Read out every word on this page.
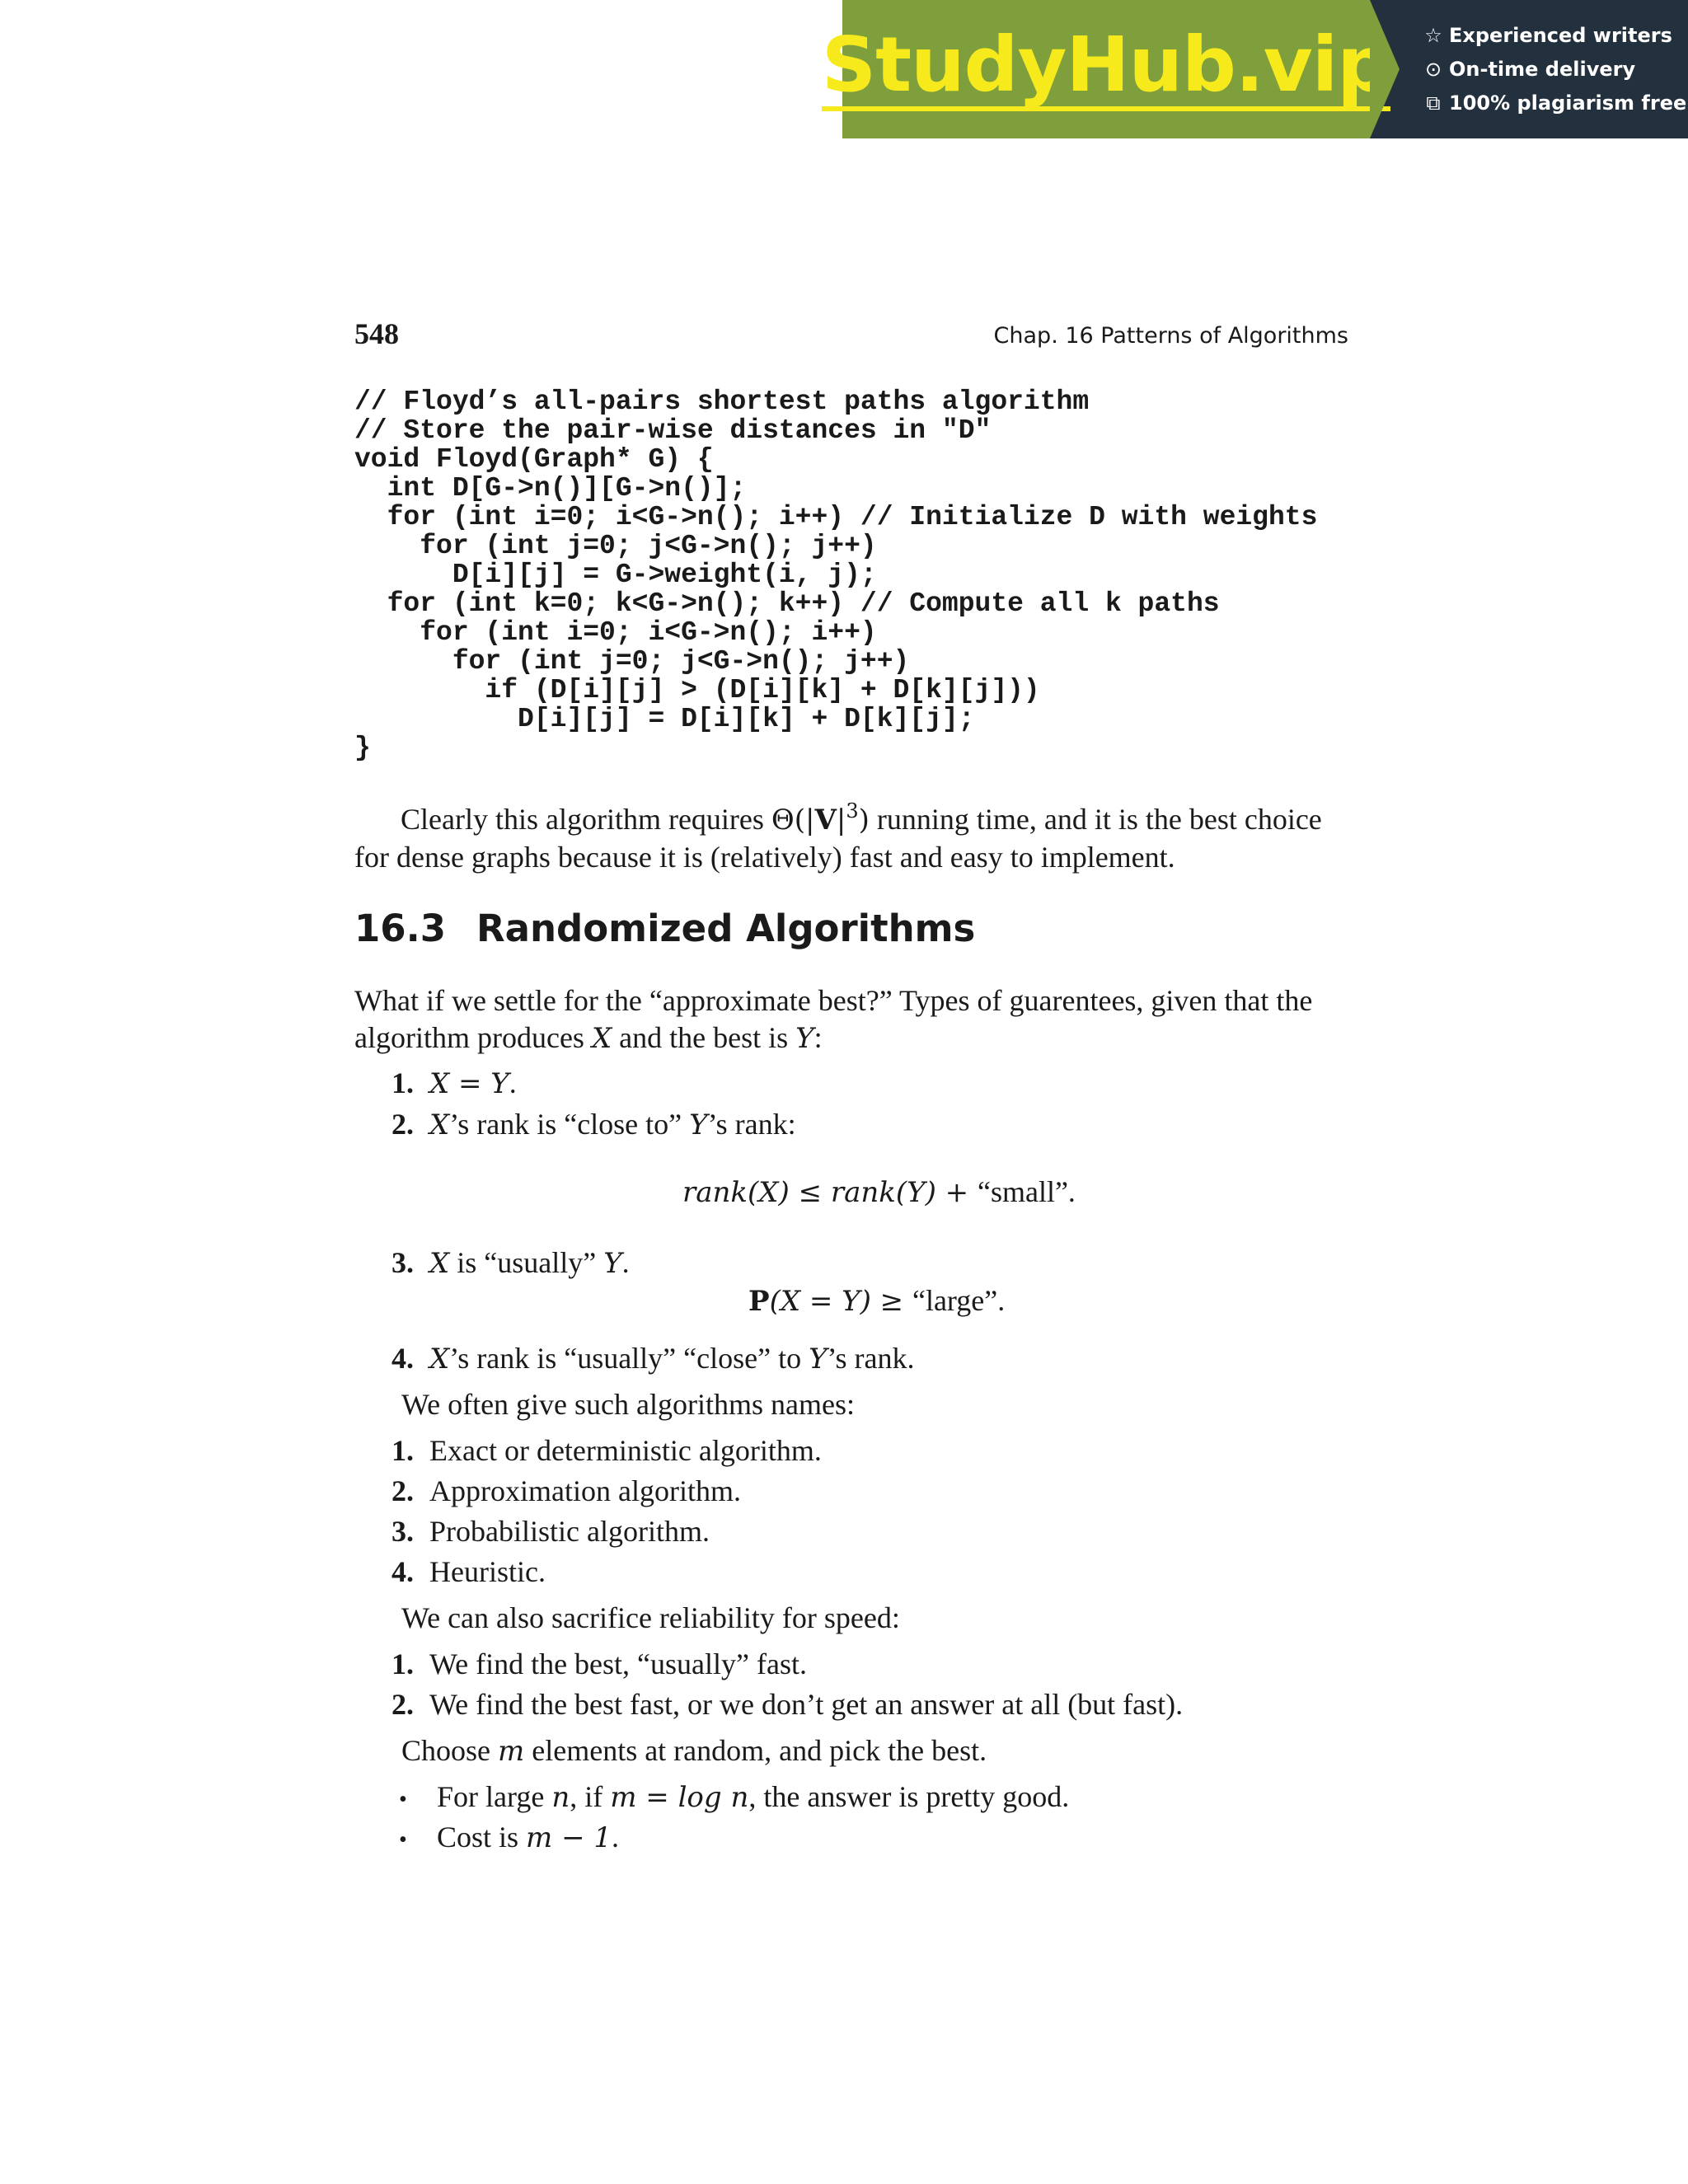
StudyHub.vip ☆ Experienced writers
⊙ On-time delivery
⧉ 100% plagiarism free
548	Chap. 16 Patterns of Algorithms
// Floyd’s all-pairs shortest paths algorithm
// Store the pair-wise distances in "D"
void Floyd(Graph* G) {
int D[G->n()][G->n()];
for (int i=0; i<G->n(); i++) // Initialize D with weights
for (int j=0; j<G->n(); j++)
D[i][j] = G->weight(i, j);
for (int k=0; k<G->n(); k++) // Compute all k paths
for (int i=0; i<G->n(); i++)
for (int j=0; j<G->n(); j++)
if (D[i][j] > (D[i][k] + D[k][j]))
D[i][j] = D[i][k] + D[k][j];
}
Clearly this algorithm requires $\Theta(|V|^3)$ running time, and it is the best choice for dense graphs because it is (relatively) fast and easy to implement.
16.3 Randomized Algorithms
What if we settle for the “approximate best?” Types of guarentees, given that the algorithm produces X and the best is Y:
1. X = Y.
2. X’s rank is “close to” Y’s rank:
rank(X) ≤ rank(Y) + “small”.
3. X is “usually” Y.
P(X = Y) ≥ “large”.
4. X’s rank is “usually” “close” to Y’s rank.
We often give such algorithms names:
1. Exact or deterministic algorithm.
2. Approximation algorithm.
3. Probabilistic algorithm.
4. Heuristic.
We can also sacrifice reliability for speed:
1. We find the best, “usually” fast.
2. We find the best fast, or we don’t get an answer at all (but fast).
Choose m elements at random, and pick the best.
• For large n, if m = log n, the answer is pretty good.
• Cost is m − 1.
